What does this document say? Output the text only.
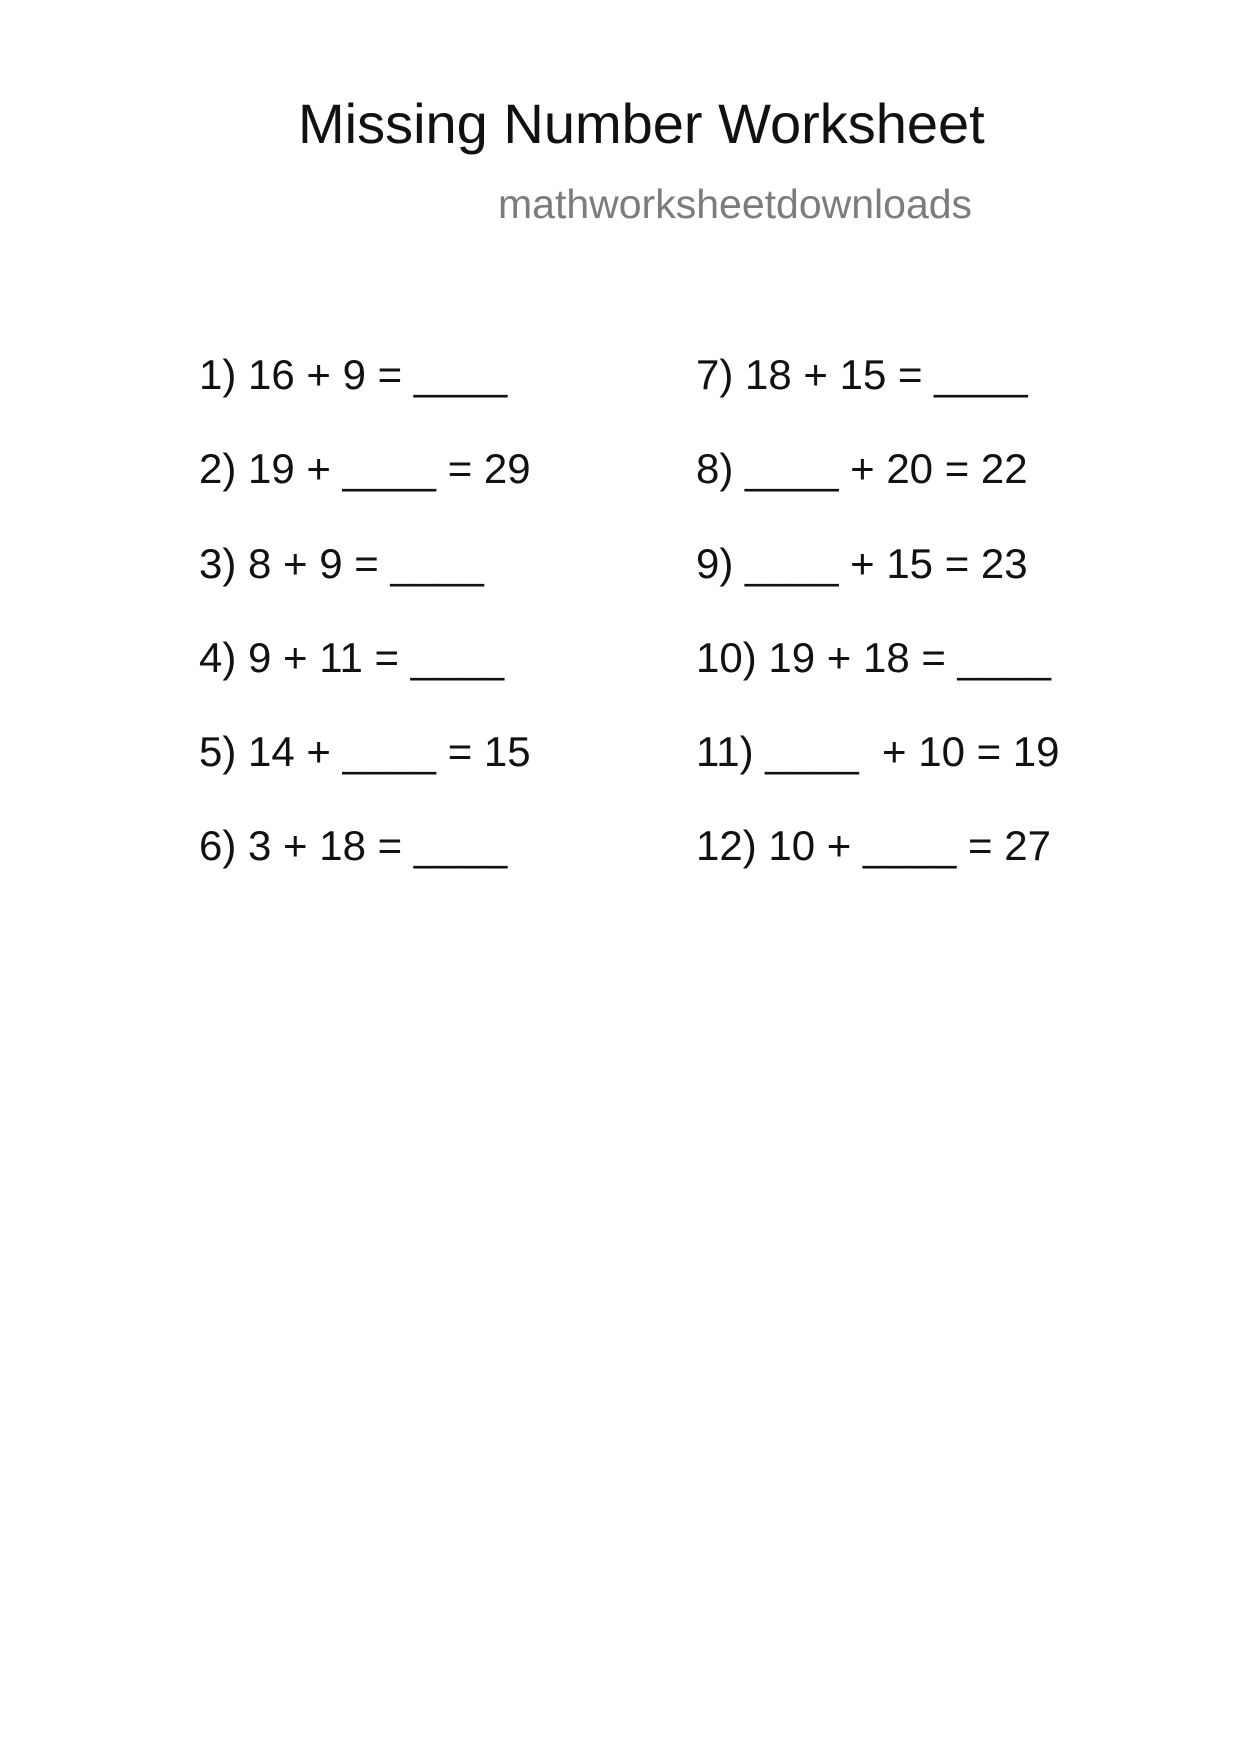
Missing Number Worksheet
mathworksheetdownloads
1) 16 + 9 = ____
2) 19 + ____ = 29
3) 8 + 9 = ____
4) 9 + 11 = ____
5) 14 + ____ = 15
6) 3 + 18 = ____
7) 18 + 15 = ____
8) ____ + 20 = 22
9) ____ + 15 = 23
10) 19 + 18 = ____
11) ____  + 10 = 19
12) 10 + ____ = 27
